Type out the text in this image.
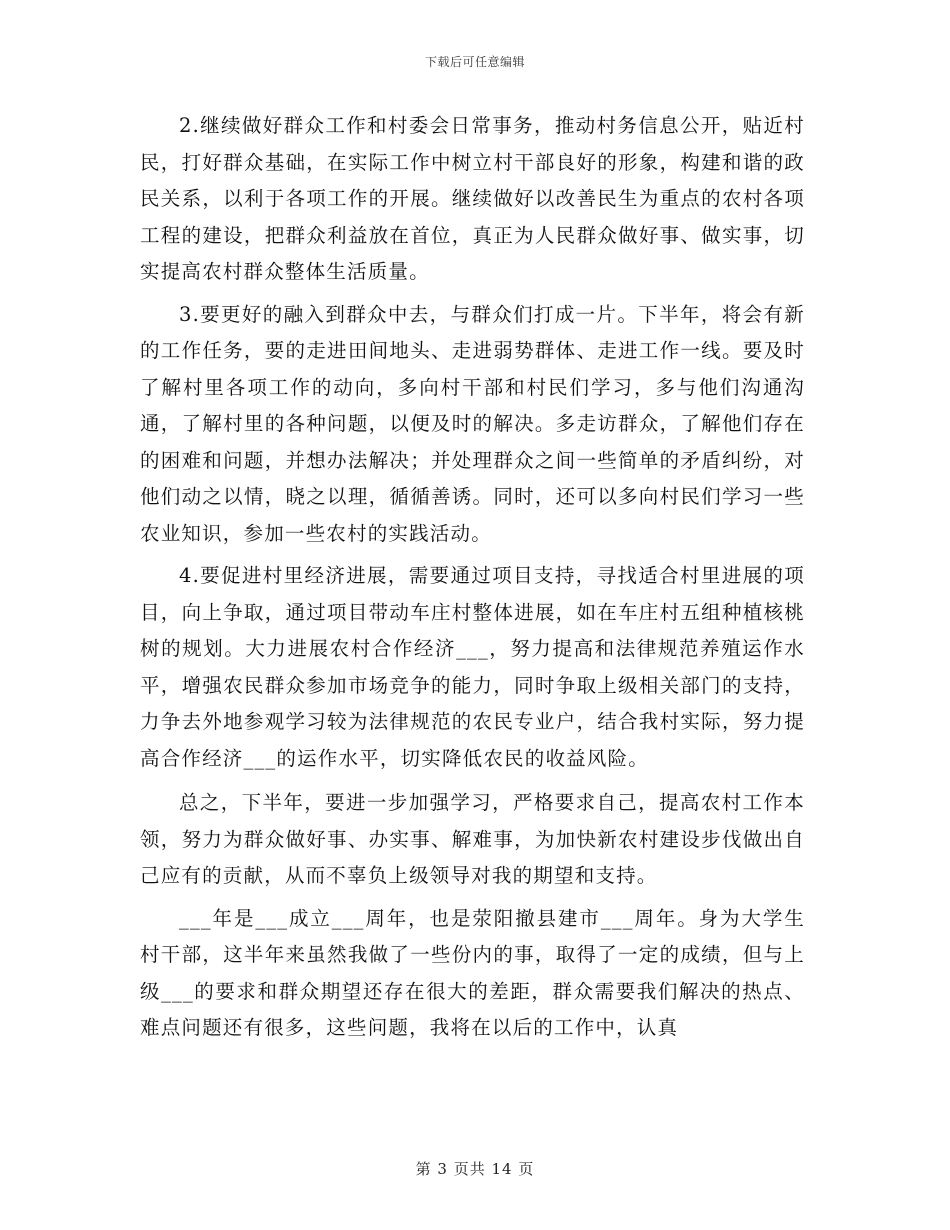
下载后可任意编辑

2.继续做好群众工作和村委会日常事务，推动村务信息公开，贴近村民，打好群众基础，在实际工作中树立村干部良好的形象，构建和谐的政民关系，以利于各项工作的开展。继续做好以改善民生为重点的农村各项工程的建设，把群众利益放在首位，真正为人民群众做好事、做实事，切实提高农村群众整体生活质量。

3.要更好的融入到群众中去，与群众们打成一片。下半年，将会有新的工作任务，要的走进田间地头、走进弱势群体、走进工作一线。要及时了解村里各项工作的动向，多向村干部和村民们学习，多与他们沟通沟通，了解村里的各种问题，以便及时的解决。多走访群众，了解他们存在的困难和问题，并想办法解决；并处理群众之间一些简单的矛盾纠纷，对他们动之以情，晓之以理，循循善诱。同时，还可以多向村民们学习一些农业知识，参加一些农村的实践活动。

4.要促进村里经济进展，需要通过项目支持，寻找适合村里进展的项目，向上争取，通过项目带动车庄村整体进展，如在车庄村五组种植核桃树的规划。大力进展农村合作经济___，努力提高和法律规范养殖运作水平，增强农民群众参加市场竞争的能力，同时争取上级相关部门的支持，力争去外地参观学习较为法律规范的农民专业户，结合我村实际，努力提高合作经济___的运作水平，切实降低农民的收益风险。

总之，下半年，要进一步加强学习，严格要求自己，提高农村工作本领，努力为群众做好事、办实事、解难事，为加快新农村建设步伐做出自己应有的贡献，从而不辜负上级领导对我的期望和支持。

___年是___成立___周年，也是荥阳撤县建市___周年。身为大学生村干部，这半年来虽然我做了一些份内的事，取得了一定的成绩，但与上级___的要求和群众期望还存在很大的差距，群众需要我们解决的热点、难点问题还有很多，这些问题，我将在以后的工作中，认真

第 3 页共 14 页
